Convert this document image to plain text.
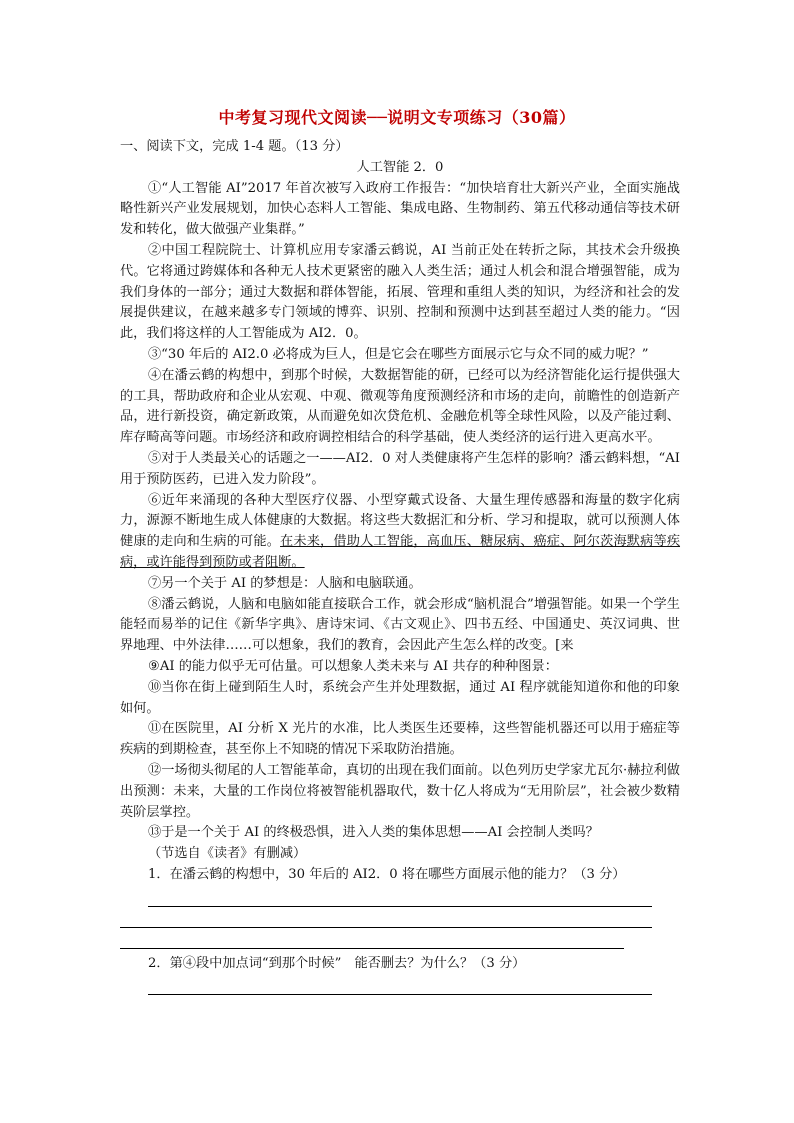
中考复习现代文阅读──说明文专项练习（30篇）

一、阅读下文，完成 1-4 题。（13 分）

人工智能 2．0

①“人工智能 AI”2017 年首次被写入政府工作报告：“加快培育壮大新兴产业，全面实施战略性新兴产业发展规划，加快心态料人工智能、集成电路、生物制药、第五代移动通信等技术研发和转化，做大做强产业集群。”

②中国工程院院士、计算机应用专家潘云鹤说，AI 当前正处在转折之际，其技术会升级换代。它将通过跨媒体和各种无人技术更紧密的融入人类生活；通过人机会和混合增强智能，成为我们身体的一部分；通过大数据和群体智能，拓展、管理和重组人类的知识，为经济和社会的发展提供建议，在越来越多专门领域的博弈、识别、控制和预测中达到甚至超过人类的能力。“因此，我们将这样的人工智能成为 AI2．0。

③“30 年后的 AI2.0 必将成为巨人，但是它会在哪些方面展示它与众不同的威力呢？”

④在潘云鹤的构想中，到那个时候，大数据智能的研，已经可以为经济智能化运行提供强大的工具，帮助政府和企业从宏观、中观、微观等角度预测经济和市场的走向，前瞻性的创造新产品，进行新投资，确定新政策，从而避免如次贷危机、金融危机等全球性风险，以及产能过剩、库存畸高等问题。市场经济和政府调控相结合的科学基础，使人类经济的运行进入更高水平。

⑤对于人类最关心的话题之一——AI2．0 对人类健康将产生怎样的影响？潘云鹤料想，“AI 用于预防医药，已进入发力阶段”。

⑥近年来涌现的各种大型医疗仪器、小型穿戴式设备、大量生理传感器和海量的数字化病力，源源不断地生成人体健康的大数据。将这些大数据汇和分析、学习和提取，就可以预测人体健康的走向和生病的可能。在未来，借助人工智能，高血压、糖尿病、癌症、阿尔茨海默病等疾病，或许能得到预防或者阻断。

⑦另一个关于 AI 的梦想是：人脑和电脑联通。

⑧潘云鹤说，人脑和电脑如能直接联合工作，就会形成“脑机混合”增强智能。如果一个学生能轻而易举的记住《新华字典》、唐诗宋词、《古文观止》、四书五经、中国通史、英汉词典、世界地理、中外法律……可以想象，我们的教育，会因此产生怎么样的改变。[来

⑨AI 的能力似乎无可估量。可以想象人类未来与 AI 共存的种种图景：

⑩当你在街上碰到陌生人时，系统会产生并处理数据，通过 AI 程序就能知道你和他的印象如何。

⑪在医院里，AI 分析 X 光片的水准，比人类医生还要棒，这些智能机器还可以用于癌症等疾病的到期检查，甚至你上不知晓的情况下采取防治措施。

⑫一场彻头彻尾的人工智能革命，真切的出现在我们面前。以色列历史学家尤瓦尔·赫拉利做出预测：未来，大量的工作岗位将被智能机器取代，数十亿人将成为“无用阶层”，社会被少数精英阶层掌控。

⑬于是一个关于 AI 的终极恐惧，进入人类的集体思想——AI 会控制人类吗？

（节选自《读者》有删减）

1．在潘云鹤的构想中，30 年后的 AI2．0 将在哪些方面展示他的能力？（3 分）

2．第④段中加点词“到那个时候”　能否删去？为什么？（3 分）
